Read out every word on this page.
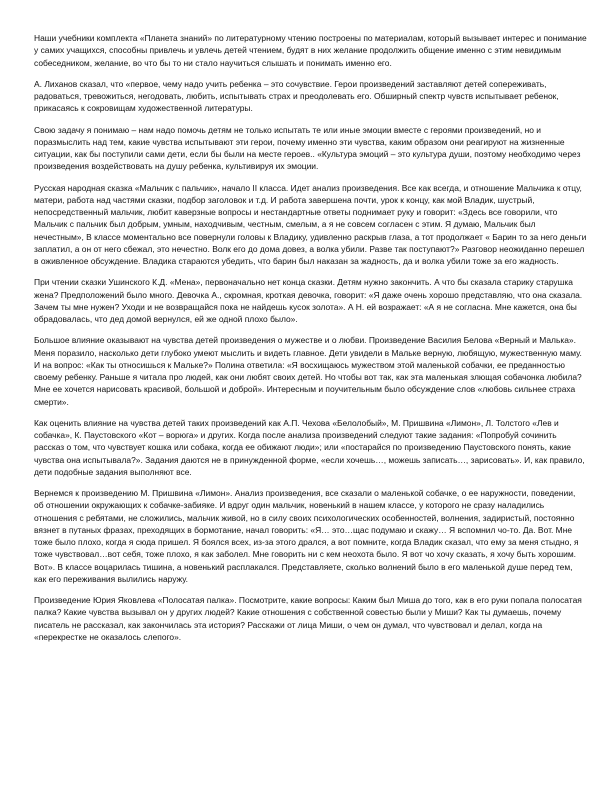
Наши учебники комплекта «Планета знаний» по литературному чтению построены по материалам, который вызывает интерес и понимание у самих учащихся, способны привлечь и увлечь детей чтением, будят в них желание продолжить общение именно с этим невидимым собеседником, желание, во что бы то ни стало научиться слышать и понимать именно его.

А. Лиханов сказал, что «первое, чему надо учить ребенка – это сочувствие. Герои произведений заставляют детей сопереживать, радоваться, тревожиться, негодовать, любить, испытывать страх и преодолевать его. Обширный спектр чувств испытывает ребенок, прикасаясь к сокровищам художественной литературы.

Свою задачу я понимаю – нам надо помочь детям не только испытать те или иные эмоции вместе с героями произведений, но и поразмыслить над тем, какие чувства испытывают эти герои, почему именно эти чувства, каким образом они реагируют на жизненные ситуации, как бы поступили сами дети, если бы были на месте героев.. «Культура эмоций – это культура души, поэтому необходимо через произведения воздействовать на душу ребенка, культивируя их эмоции.

Русская народная сказка «Мальчик с пальчик», начало II класса. Идет анализ произведения. Все как всегда, и отношение Мальчика к отцу, матери, работа над частями сказки, подбор заголовок и т.д. И работа завершена почти, урок к концу, как мой Владик, шустрый, непосредственный мальчик, любит каверзные вопросы и нестандартные ответы поднимает руку и говорит: «Здесь все говорили, что Мальчик с пальчик был добрым, умным, находчивым, честным, смелым, а я не совсем согласен с этим. Я думаю, Мальчик был нечестным», В классе моментально все повернули головы к Владику, удивленно раскрыв глаза, а тот продолжает « Барин то за него деньги заплатил, а он от него сбежал, это нечестно. Волк его до дома довез, а волка убили. Разве так поступают?» Разговор неожиданно перешел в оживленное обсуждение. Владика стараются убедить, что барин был наказан за жадность, да и волка убили тоже за его жадность.

При чтении сказки Ушинского К.Д. «Мена», первоначально нет конца сказки. Детям нужно закончить. А что бы сказала старику старушка жена? Предположений было много. Девочка А., скромная, кроткая девочка, говорит: «Я даже очень хорошо представляю, что она сказала. Зачем ты мне нужен? Уходи и не возвращайся пока не найдешь кусок золота». А Н. ей возражает: «А я не согласна. Мне кажется, она бы обрадовалась, что дед домой вернулся, ей же одной плохо было».

Большое влияние оказывают на чувства детей произведения о мужестве и о любви. Произведение Василия Белова «Верный и Малька». Меня поразило, насколько дети глубоко умеют мыслить и видеть главное. Дети увидели в Мальке верную, любящую, мужественную маму. И на вопрос: «Как ты относишься к Мальке?» Полина ответила: «Я восхищаюсь мужеством этой маленькой собачки, ее преданностью своему ребенку. Раньше я читала про людей, как они любят своих детей. Но чтобы вот так, как эта маленькая злющая собачонка любила? Мне ее хочется нарисовать красивой, большой и доброй». Интересным и поучительным было обсуждение слов «любовь сильнее страха смерти».

Как оценить влияние на чувства детей таких произведений как А.П. Чехова «Белолобый», М. Пришвина «Лимон», Л. Толстого «Лев и собачка», К. Паустовского «Кот – ворюга» и других. Когда после анализа произведений следуют такие задания: «Попробуй сочинить рассказ о том, что чувствует кошка или собака, когда ее обижают люди»; или «постарайся по произведению Паустовского понять, какие чувства она испытывала?». Задания даются не в принужденной форме, «если хочешь…, можешь записать…, зарисовать». И, как правило, дети подобные задания выполняют все.

Вернемся к произведению М. Пришвина «Лимон». Анализ произведения, все сказали о маленькой собачке, о ее наружности, поведении, об отношении окружающих к собачке-забияке. И вдруг один мальчик, новенький в нашем классе, у которого не сразу наладились отношения с ребятами, не сложились, мальчик живой, но в силу своих психологических особенностей, волнения, задиристый, постоянно вязнет в путаных фразах, преходящих в бормотание, начал говорить: «Я… это…щас подумаю и скажу… Я вспомнил чо-то. Да. Вот. Мне тоже было плохо, когда я сюда пришел. Я боялся всех, из-за этого дрался, а вот помните, когда Владик сказал, что ему за меня стыдно, я тоже чувствовал…вот себя, тоже плохо, я как заболел. Мне говорить ни с кем неохота было. Я вот чо хочу сказать, я хочу быть хорошим. Вот». В классе воцарилась тишина, а новенький расплакался. Представляете, сколько волнений было в его маленькой душе перед тем, как его переживания вылились наружу.

Произведение Юрия Яковлева «Полосатая палка». Посмотрите, какие вопросы: Каким был Миша до того, как в его руки попала полосатая палка? Какие чувства вызывал он у других людей? Какие отношения с собственной совестью были у Миши? Как ты думаешь, почему писатель не рассказал, как закончилась эта история? Расскажи от лица Миши, о чем он думал, что чувствовал и делал, когда на «перекрестке не оказалось слепого».
